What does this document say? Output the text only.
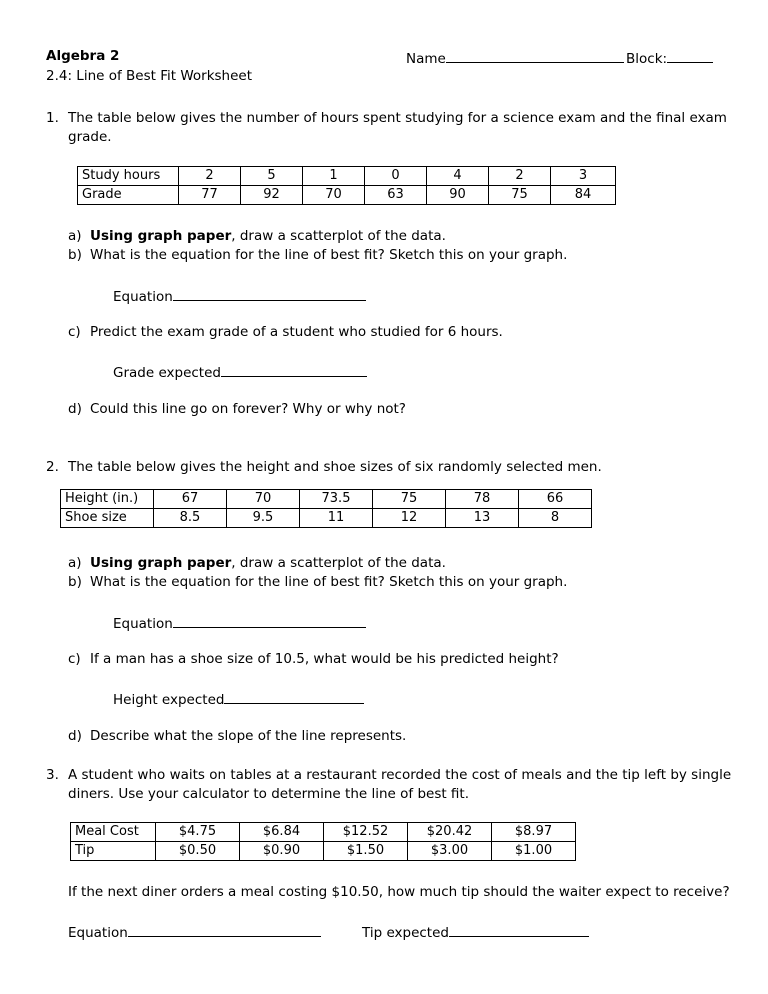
Algebra 2	Name	Block:
2.4: Line of Best Fit Worksheet
1. The table below gives the number of hours spent studying for a science exam and the final exam
grade.
Study hours	2	5	1	0	4	2	3
Grade	77	92	70	63	90	75	84
a) Using graph paper, draw a scatterplot of the data.
b) What is the equation for the line of best fit? Sketch this on your graph.
Equation
c) Predict the exam grade of a student who studied for 6 hours.
Grade expected
d) Could this line go on forever? Why or why not?
2. The table below gives the height and shoe sizes of six randomly selected men.
Height (in.)	67	70	73.5	75	78	66
Shoe size	8.5	9.5	11	12	13	8
a) Using graph paper, draw a scatterplot of the data.
b) What is the equation for the line of best fit? Sketch this on your graph.
Equation
c) If a man has a shoe size of 10.5, what would be his predicted height?
Height expected
d) Describe what the slope of the line represents.
3. A student who waits on tables at a restaurant recorded the cost of meals and the tip left by single
diners. Use your calculator to determine the line of best fit.
Meal Cost	$4.75	$6.84	$12.52	$20.42	$8.97
Tip	$0.50	$0.90	$1.50	$3.00	$1.00
If the next diner orders a meal costing $10.50, how much tip should the waiter expect to receive?
Equation	Tip expected
